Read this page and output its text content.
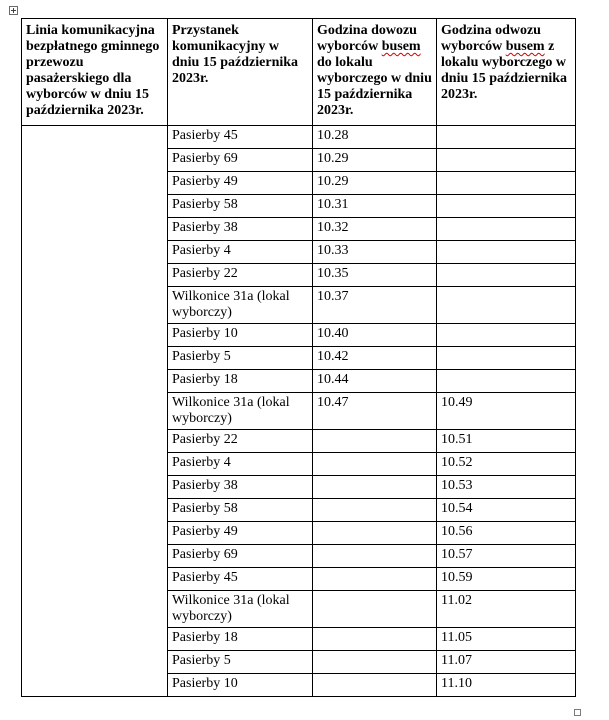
Linia komunikacyjna bezpłatnego gminnego przewozu pasażerskiego dla wyborców w dniu 15 października 2023r.	Przystanek komunikacyjny w dniu 15 października 2023r.	Godzina dowozu wyborców busem do lokalu wyborczego w dniu 15 października 2023r.	Godzina odwozu wyborców busem z lokalu wyborczego w dniu 15 października 2023r.
	Pasierby 45	10.28	
	Pasierby 69	10.29	
	Pasierby 49	10.29	
	Pasierby 58	10.31	
	Pasierby 38	10.32	
	Pasierby 4	10.33	
	Pasierby 22	10.35	
	Wilkonice 31a (lokal wyborczy)	10.37	
	Pasierby 10	10.40	
	Pasierby 5	10.42	
	Pasierby 18	10.44	
	Wilkonice 31a (lokal wyborczy)	10.47	10.49
	Pasierby 22		10.51
	Pasierby 4		10.52
	Pasierby 38		10.53
	Pasierby 58		10.54
	Pasierby 49		10.56
	Pasierby 69		10.57
	Pasierby 45		10.59
	Wilkonice 31a (lokal wyborczy)		11.02
	Pasierby 18		11.05
	Pasierby 5		11.07
	Pasierby 10		11.10
